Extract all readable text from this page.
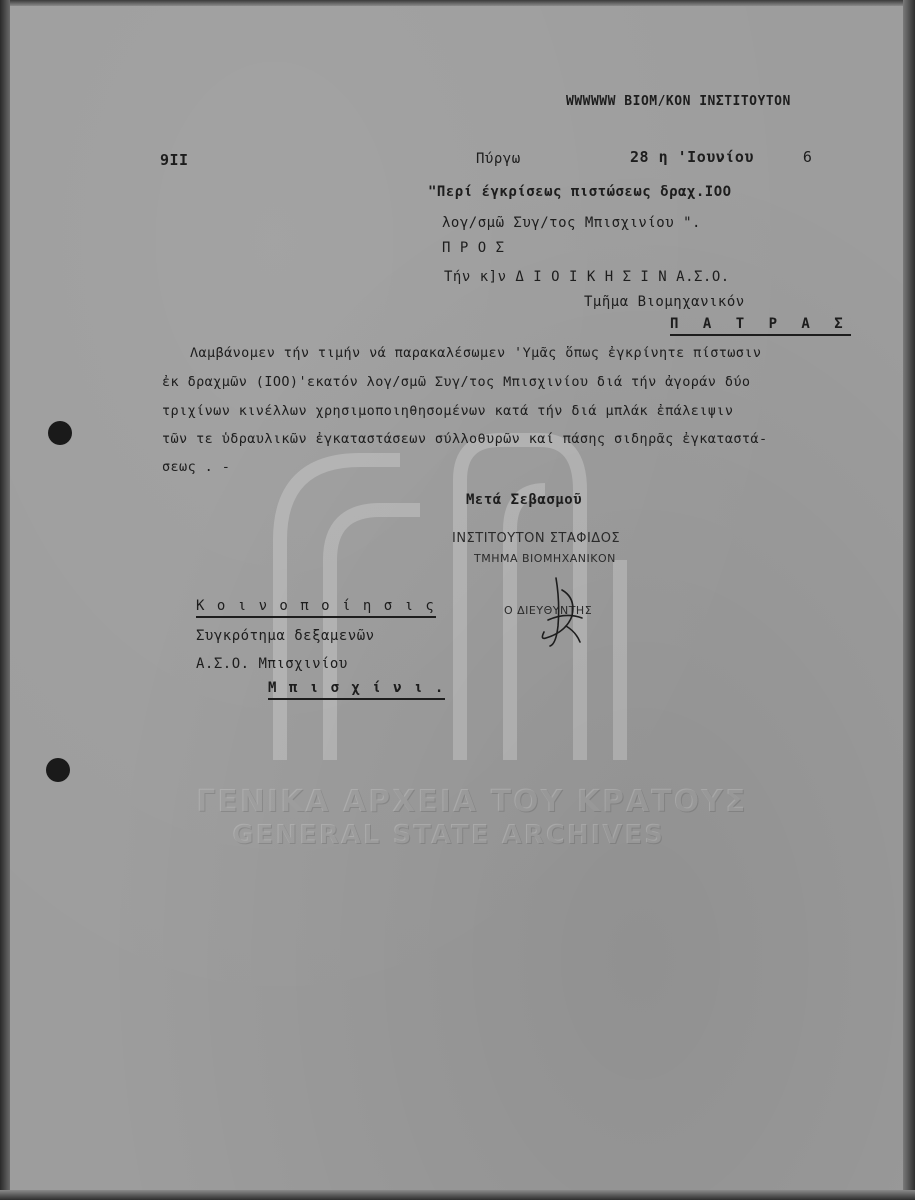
ΓΕΝΙΚΑ ΑΡΧΕΙΑ ΤΟΥ ΚΡΑΤΟΥΣ
GENERAL STATE ARCHIVES
WWWWWW ΒΙΟΜ/ΚΟΝ ΙΝΣΤΙΤΟΥΤΟΝ
9II	Πύργω	28 η 'Ιουνίου	6
"Περί έγκρίσεως πιστώσεως δραχ.IOO
λογ/σμῶ Συγ/τος Μπισχινίου ".
Π Ρ Ο Σ
Τήν κ]ν Δ Ι Ο Ι Κ Η Σ Ι Ν Α.Σ.Ο.
Τμῆμα Βιομηχανικόν
Π Α Τ Ρ Α Σ
Λαμβάνομεν τήν τιμήν νά παρακαλέσωμεν 'Υμᾶς ὅπως ἐγκρίνητε πίστωσιν
ἐκ δραχμῶν (IOO)'εκατόν λογ/σμῶ Συγ/τος Μπισχινίου διά τήν ἀγοράν δύο
τριχίνων κινέλλων χρησιμοποιηθησομένων κατά τήν διά μπλάκ ἐπάλειψιν
τῶν τε ὑδραυλικῶν ἐγκαταστάσεων σύλλοθυρῶν καί πάσης σιδηρᾶς ἐγκαταστά-
σεως . -
Μετά Σεβασμοῦ
ΙΝΣΤΙΤΟΥΤΟΝ ΣΤΑΦΙΔΟΣ
ΤΜΗΜΑ ΒΙΟΜΗΧΑΝΙΚΟΝ
Ο ΔΙΕΥΘΥΝΤΗΣ
Κ ο ι ν ο π ο ί η σ ι ς
Συγκρότημα δεξαμενῶν
Α.Σ.Ο. Μπισχινίου
Μ π ι σ χ ί ν ι .
